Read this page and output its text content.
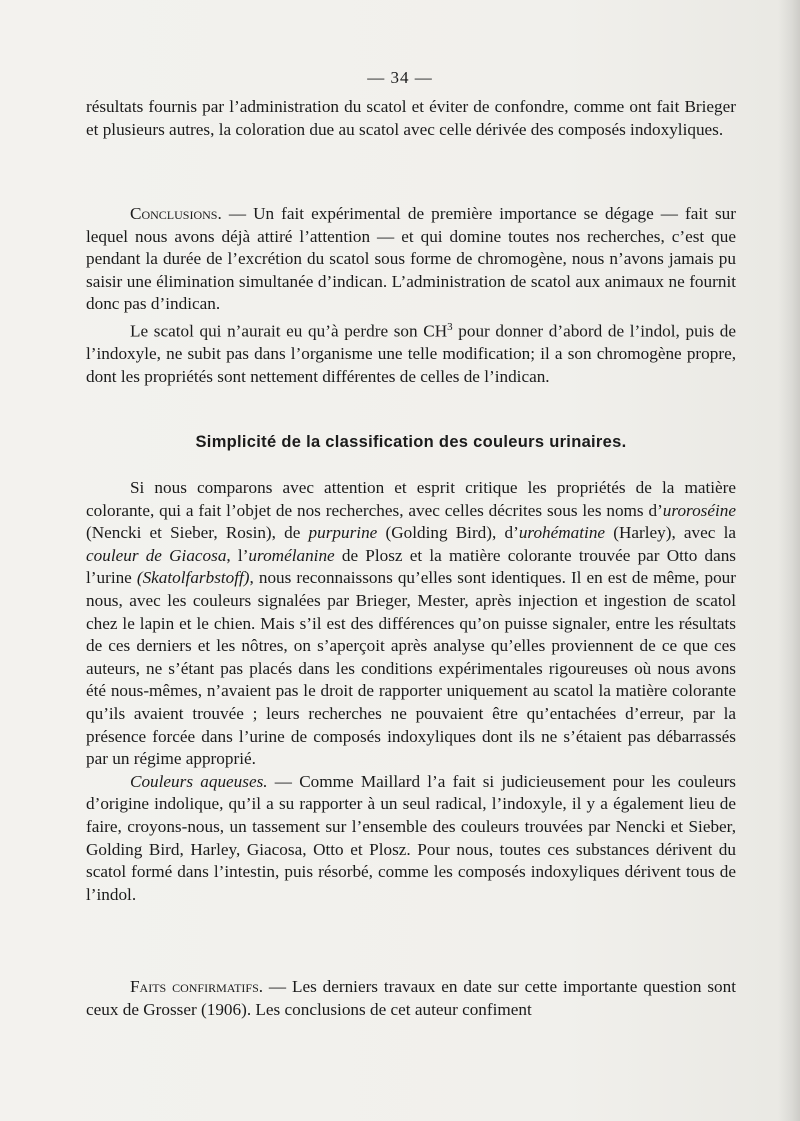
— 34 —

résultats fournis par l’administration du scatol et éviter de confondre, comme ont fait Brieger et plusieurs autres, la coloration due au scatol avec celle dérivée des composés indoxyliques.

Conclusions. — Un fait expérimental de première importance se dégage — fait sur lequel nous avons déjà attiré l’attention — et qui domine toutes nos recherches, c’est que pendant la durée de l’excrétion du scatol sous forme de chromogène, nous n’avons jamais pu saisir une élimination simultanée d’indican. L’administration de scatol aux animaux ne fournit donc pas d’indican.

Le scatol qui n’aurait eu qu’à perdre son $CH^3$ pour donner d’abord de l’indol, puis de l’indoxyle, ne subit pas dans l’organisme une telle modification; il a son chromogène propre, dont les propriétés sont nettement différentes de celles de l’indican.

Simplicité de la classification des couleurs urinaires.

Si nous comparons avec attention et esprit critique les propriétés de la matière colorante, qui a fait l’objet de nos recherches, avec celles décrites sous les noms d’uroroséine (Nencki et Sieber, Rosin), de purpurine (Golding Bird), d’urohématine (Harley), avec la couleur de Giacosa, l’uromélanine de Plosz et la matière colorante trouvée par Otto dans l’urine (Skatolfarbstoff), nous reconnaissons qu’elles sont identiques. Il en est de même, pour nous, avec les couleurs signalées par Brieger, Mester, après injection et ingestion de scatol chez le lapin et le chien. Mais s’il est des différences qu’on puisse signaler, entre les résultats de ces derniers et les nôtres, on s’aperçoit après analyse qu’elles proviennent de ce que ces auteurs, ne s’étant pas placés dans les conditions expérimentales rigoureuses où nous avons été nous-mêmes, n’avaient pas le droit de rapporter uniquement au scatol la matière colorante qu’ils avaient trouvée ; leurs recherches ne pouvaient être qu’entachées d’erreur, par la présence forcée dans l’urine de composés indoxyliques dont ils ne s’étaient pas débarrassés par un régime approprié.

Couleurs aqueuses. — Comme Maillard l’a fait si judicieusement pour les couleurs d’origine indolique, qu’il a su rapporter à un seul radical, l’indoxyle, il y a également lieu de faire, croyons-nous, un tassement sur l’ensemble des couleurs trouvées par Nencki et Sieber, Golding Bird, Harley, Giacosa, Otto et Plosz. Pour nous, toutes ces substances dérivent du scatol formé dans l’intestin, puis résorbé, comme les composés indoxyliques dérivent tous de l’indol.

Faits confirmatifs. — Les derniers travaux en date sur cette importante question sont ceux de Grosser (1906). Les conclusions de cet auteur confiment
